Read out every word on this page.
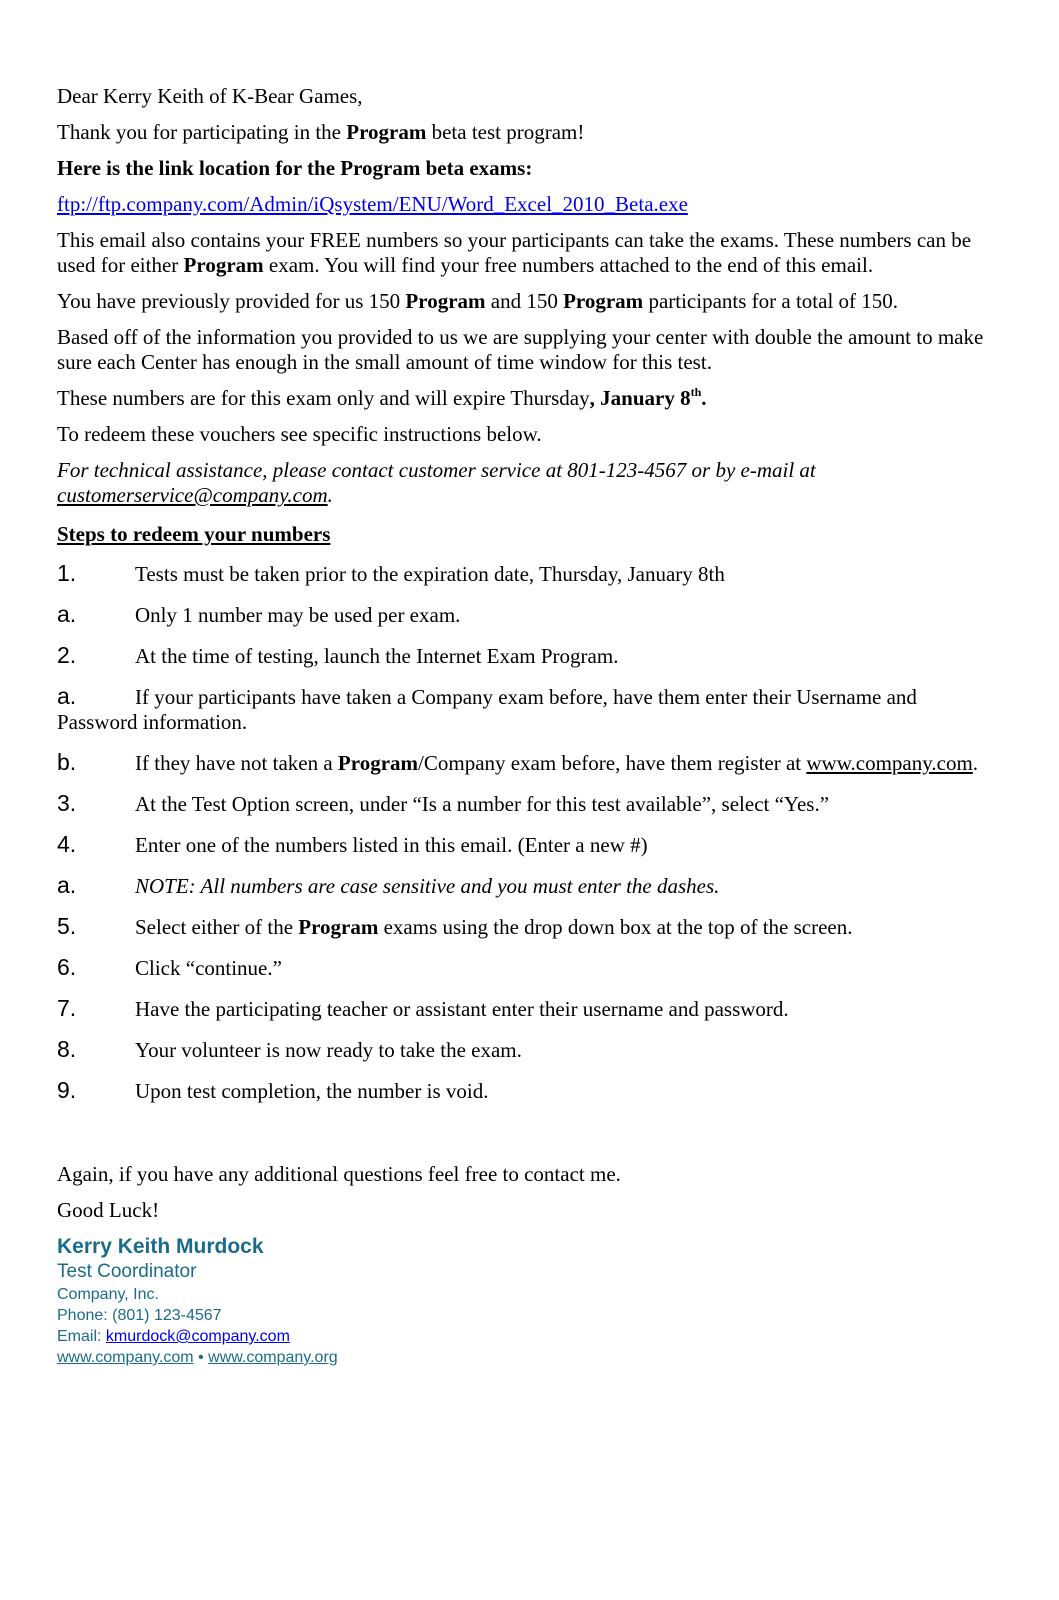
Dear Kerry Keith of K-Bear Games,

Thank you for participating in the Program beta test program!

Here is the link location for the Program beta exams:

ftp://ftp.company.com/Admin/iQsystem/ENU/Word_Excel_2010_Beta.exe

This email also contains your FREE numbers so your participants can take the exams. These numbers can be used for either Program exam. You will find your free numbers attached to the end of this email.

You have previously provided for us 150 Program and 150 Program participants for a total of 150.

Based off of the information you provided to us we are supplying your center with double the amount to make sure each Center has enough in the small amount of time window for this test.

These numbers are for this exam only and will expire Thursday, January 8th.

To redeem these vouchers see specific instructions below.

For technical assistance, please contact customer service at 801-123-4567 or by e-mail at customerservice@company.com.

Steps to redeem your numbers

1.	Tests must be taken prior to the expiration date, Thursday, January 8th

a.	Only 1 number may be used per exam.

2.	At the time of testing, launch the Internet Exam Program.

a.	If your participants have taken a Company exam before, have them enter their Username and Password information.

b.	If they have not taken a Program/Company exam before, have them register at www.company.com.

3.	At the Test Option screen, under “Is a number for this test available”, select “Yes.”

4.	Enter one of the numbers listed in this email. (Enter a new #)

a.	NOTE: All numbers are case sensitive and you must enter the dashes.

5.	Select either of the Program exams using the drop down box at the top of the screen.

6.	Click “continue.”

7.	Have the participating teacher or assistant enter their username and password.

8.	Your volunteer is now ready to take the exam.

9.	Upon test completion, the number is void.

Again, if you have any additional questions feel free to contact me.

Good Luck!

Kerry Keith Murdock
Test Coordinator
Company, Inc.
Phone: (801) 123-4567
Email: kmurdock@company.com
www.company.com • www.company.org
